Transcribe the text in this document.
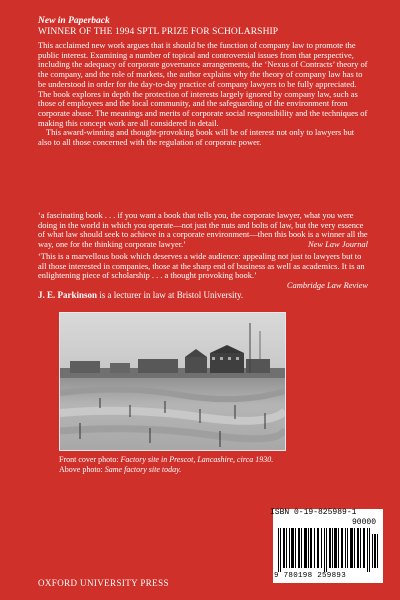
New in Paperback
WINNER OF THE 1994 SPTL PRIZE FOR SCHOLARSHIP

This acclaimed new work argues that it should be the function of company law to promote the public interest. Examining a number of topical and controversial issues from that perspective, including the adequacy of corporate governance arrangements, the ‘Nexus of Contracts’ theory of the company, and the role of markets, the author explains why the theory of company law has to be understood in order for the day-to-day practice of company lawyers to be fully appreciated. The book explores in depth the protection of interests largely ignored by company law, such as those of employees and the local community, and the safeguarding of the environment from corporate abuse. The meanings and merits of corporate social responsibility and the techniques of making this concept work are all considered in detail.

This award-winning and thought-provoking book will be of interest not only to lawyers but also to all those concerned with the regulation of corporate power.

‘a fascinating book . . . if you want a book that tells you, the corporate lawyer, what you were doing in the world in which you operate—not just the nuts and bolts of law, but the very essence of what law should seek to achieve in a corporate environment—then this book is a winner all the way, one for the thinking corporate lawyer.’	New Law Journal
‘This is a marvellous book which deserves a wide audience: appealing not just to lawyers but to all those interested in companies, those at the sharp end of business as well as academics. It is an enlightening piece of scholarship . . . a thought provoking book.’
Cambridge Law Review
J. E. Parkinson is a lecturer in law at Bristol University.
Front cover photo: Factory site in Prescot, Lancashire, circa 1930.
Above photo: Same factory site today.
ISBN 0-19-825989-1
90000
9 780198 259893
OXFORD UNIVERSITY PRESS
